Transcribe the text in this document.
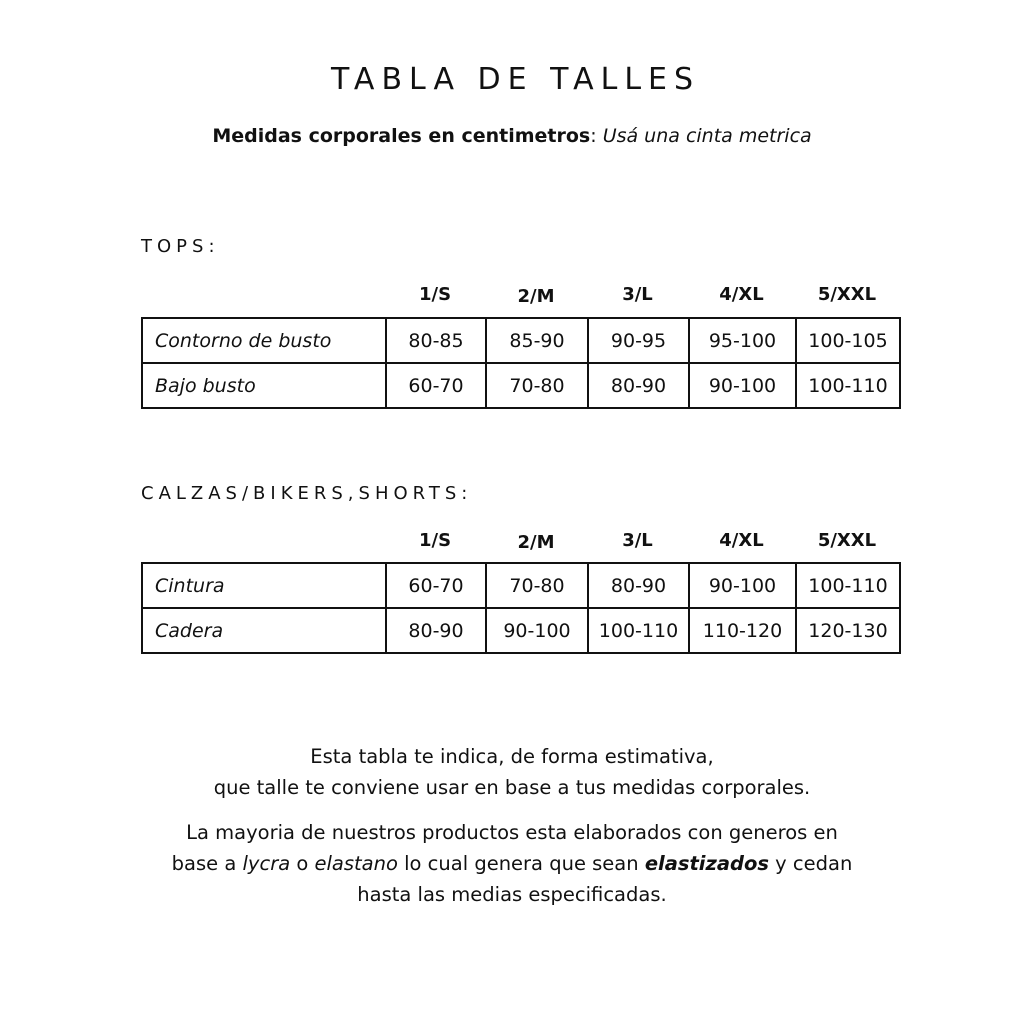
TABLA DE TALLES
Medidas corporales en centimetros: Usá una cinta metrica
TOPS:
1/S	2/M	3/L	4/XL	5/XXL
Contorno de busto	80-85	85-90	90-95	95-100	100-105
Bajo busto	60-70	70-80	80-90	90-100	100-110
CALZAS/BIKERS,SHORTS:
1/S	2/M	3/L	4/XL	5/XXL
Cintura	60-70	70-80	80-90	90-100	100-110
Cadera	80-90	90-100	100-110	110-120	120-130
Esta tabla te indica, de forma estimativa,
que talle te conviene usar en base a tus medidas corporales.
La mayoria de nuestros productos esta elaborados con generos en
base a lycra o elastano lo cual genera que sean elastizados y cedan
hasta las medias especificadas.
